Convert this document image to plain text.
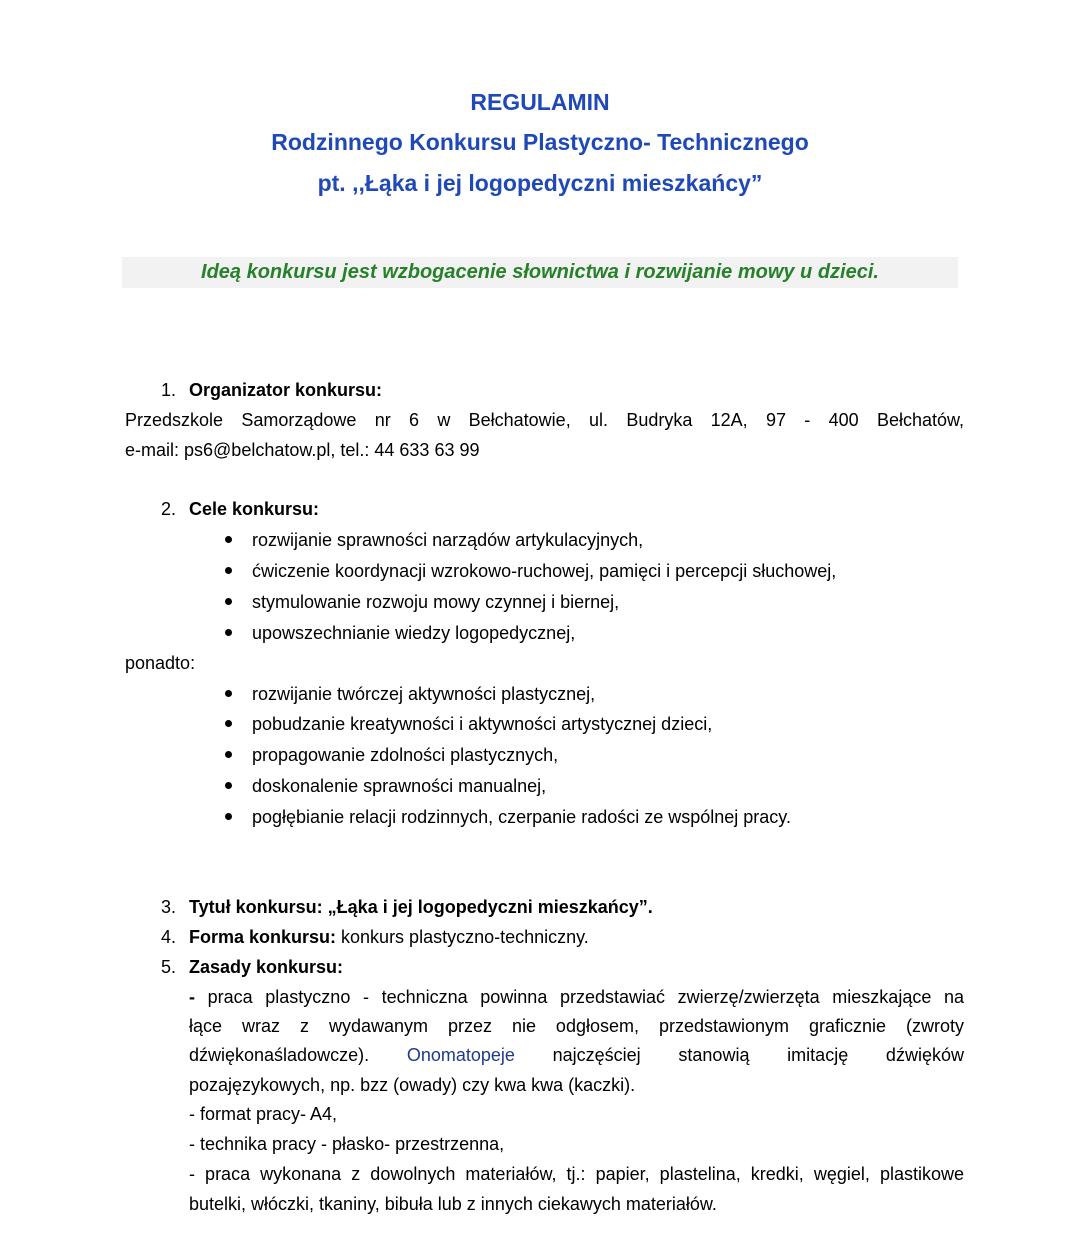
REGULAMIN

Rodzinnego Konkursu Plastyczno- Technicznego

pt. ,,Łąka i jej logopedyczni mieszkańcy”

Ideą konkursu jest wzbogacenie słownictwa i rozwijanie mowy u dzieci.
1. Organizator konkursu:

Przedszkole Samorządowe nr 6 w Bełchatowie, ul. Budryka 12A, 97 - 400 Bełchatów,

e-mail: ps6@belchatow.pl, tel.: 44 633 63 99

2. Cele konkursu:
rozwijanie sprawności narządów artykulacyjnych,
ćwiczenie koordynacji wzrokowo-ruchowej, pamięci i percepcji słuchowej,
stymulowanie rozwoju mowy czynnej i biernej,
upowszechnianie wiedzy logopedycznej,
ponadto:
rozwijanie twórczej aktywności plastycznej,
pobudzanie kreatywności i aktywności artystycznej dzieci,
propagowanie zdolności plastycznych,
doskonalenie sprawności manualnej,
pogłębianie relacji rodzinnych, czerpanie radości ze wspólnej pracy.
3. Tytuł konkursu: „Łąka i jej logopedyczni mieszkańcy”.
4. Forma konkursu: konkurs plastyczno-techniczny.
5. Zasady konkursu:

- praca plastyczno - techniczna powinna przedstawiać zwierzę/zwierzęta mieszkające na

łące wraz z wydawanym przez nie odgłosem, przedstawionym graficznie (zwroty

dźwiękonaśladowcze). Onomatopeje najczęściej stanowią imitację dźwięków

pozajęzykowych, np. bzz (owady) czy kwa kwa (kaczki).

- format pracy- A4,

- technika pracy - płasko- przestrzenna,

- praca wykonana z dowolnych materiałów, tj.: papier, plastelina, kredki, węgiel, plastikowe

butelki, włóczki, tkaniny, bibuła lub z innych ciekawych materiałów.
